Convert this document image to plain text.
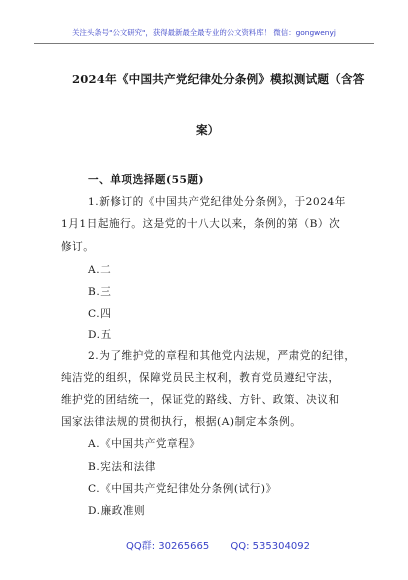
关注头条号"公文研究"，获得最新最全最专业的公文资料库！ 微信：gongwenyj
2024年《中国共产党纪律处分条例》模拟测试题（含答
案）
一、单项选择题(55题)
1.新修订的《中国共产党纪律处分条例》，于2024年
1月1日起施行。这是党的十八大以来，条例的第（B）次
修订。
A.二
B.三
C.四
D.五
2.为了维护党的章程和其他党内法规，严肃党的纪律，
纯洁党的组织，保障党员民主权利，教育党员遵纪守法，
维护党的团结统一，保证党的路线、方针、政策、决议和
国家法律法规的贯彻执行，根据(A)制定本条例。
A.《中国共产党章程》
B.宪法和法律
C.《中国共产党纪律处分条例(试行)》
D.廉政准则
QQ群: 30265665 QQ: 535304092
